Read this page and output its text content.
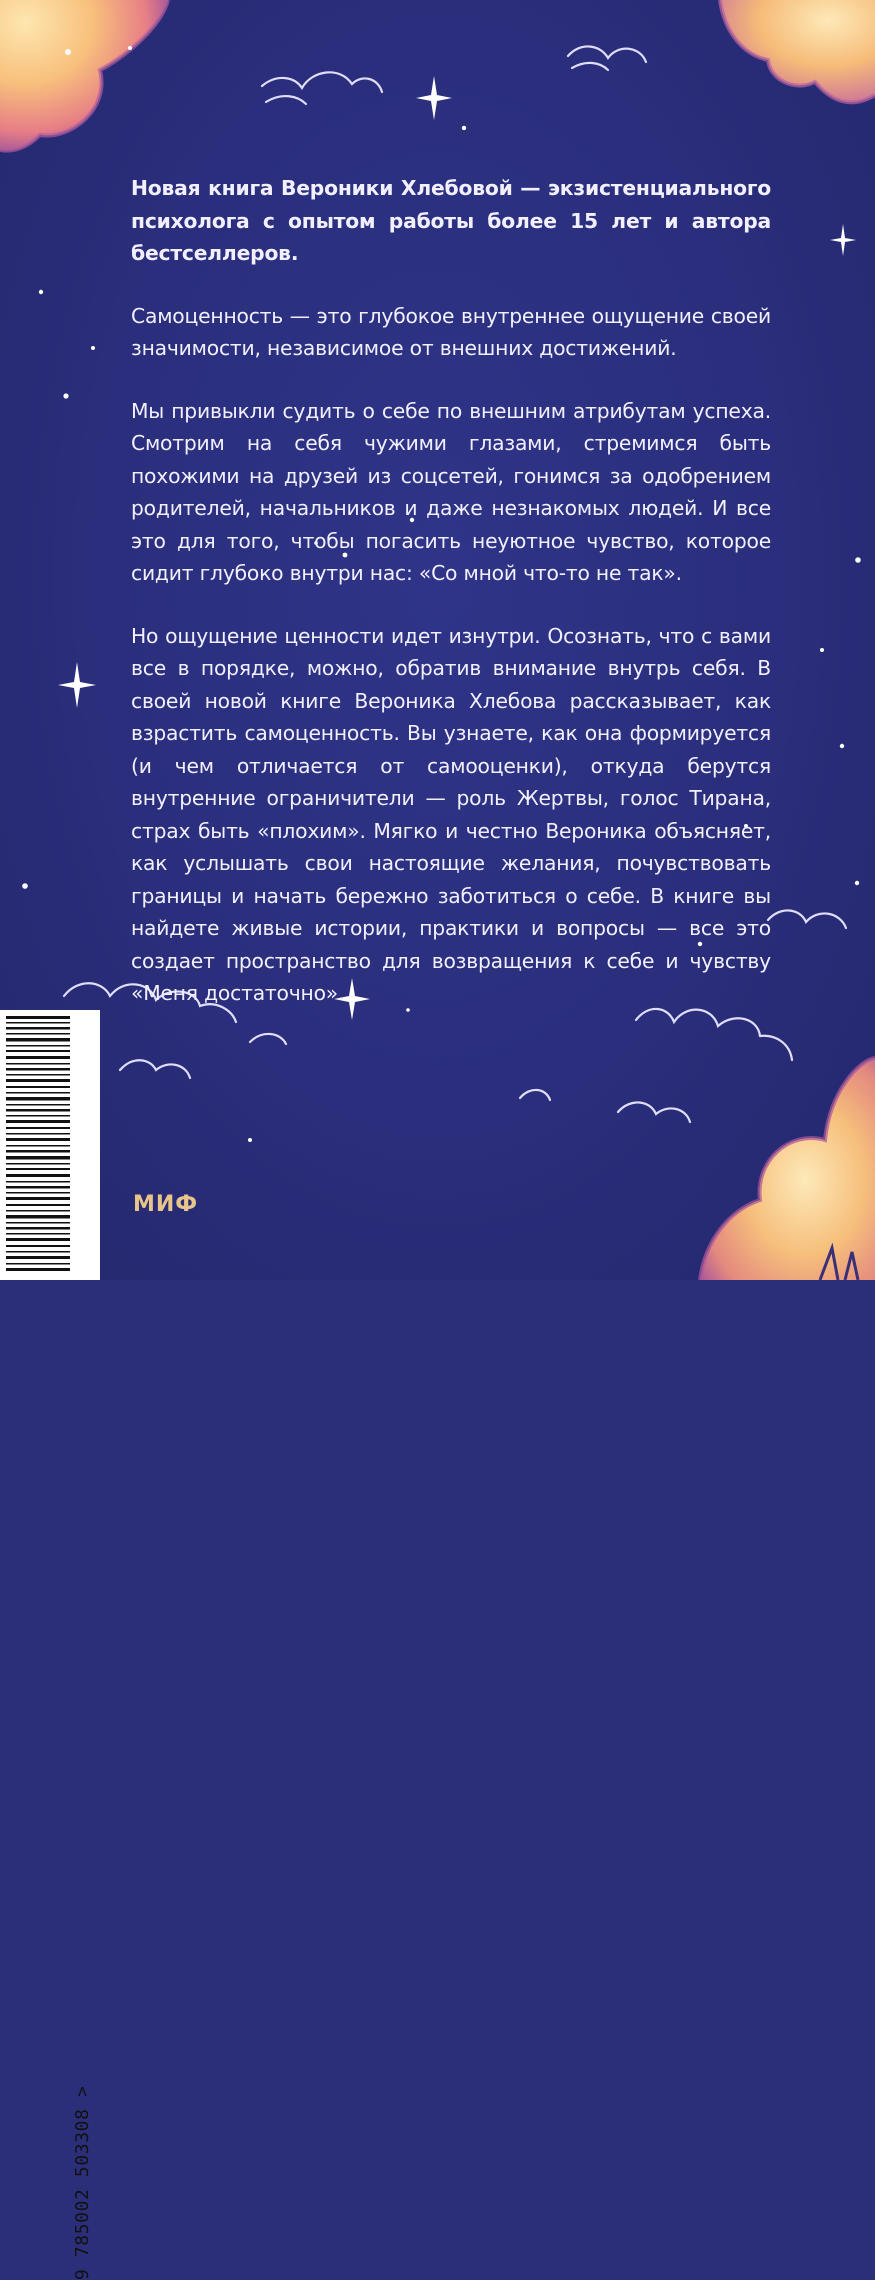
Новая книга Вероники Хлебовой — экзистенциального психолога с опытом работы более 15 лет и автора бестселлеров.

Самоценность — это глубокое внутреннее ощущение своей значимости, независимое от внешних достижений.

Мы привыкли судить о себе по внешним атрибутам успеха. Смотрим на себя чужими глазами, стремимся быть похожими на друзей из соцсетей, гонимся за одобрением родителей, начальников и даже незнакомых людей. И все это для того, чтобы погасить неуютное чувство, которое сидит глубоко внутри нас: «Со мной что-то не так».

Но ощущение ценности идет изнутри. Осознать, что с вами все в порядке, можно, обратив внимание внутрь себя. В своей новой книге Вероника Хлебова рассказывает, как взрастить самоценность. Вы узнаете, как она формируется (и чем отличается от самооценки), откуда берутся внутренние ограничители — роль Жертвы, голос Тирана, страх быть «плохим». Мягко и честно Вероника объясняет, как услышать свои настоящие желания, почувствовать границы и начать бережно заботиться о себе. В книге вы найдете живые истории, практики и вопросы — все это создает пространство для возвращения к себе и чувству «Меня достаточно».

9 785002 503308 >
МИФ
